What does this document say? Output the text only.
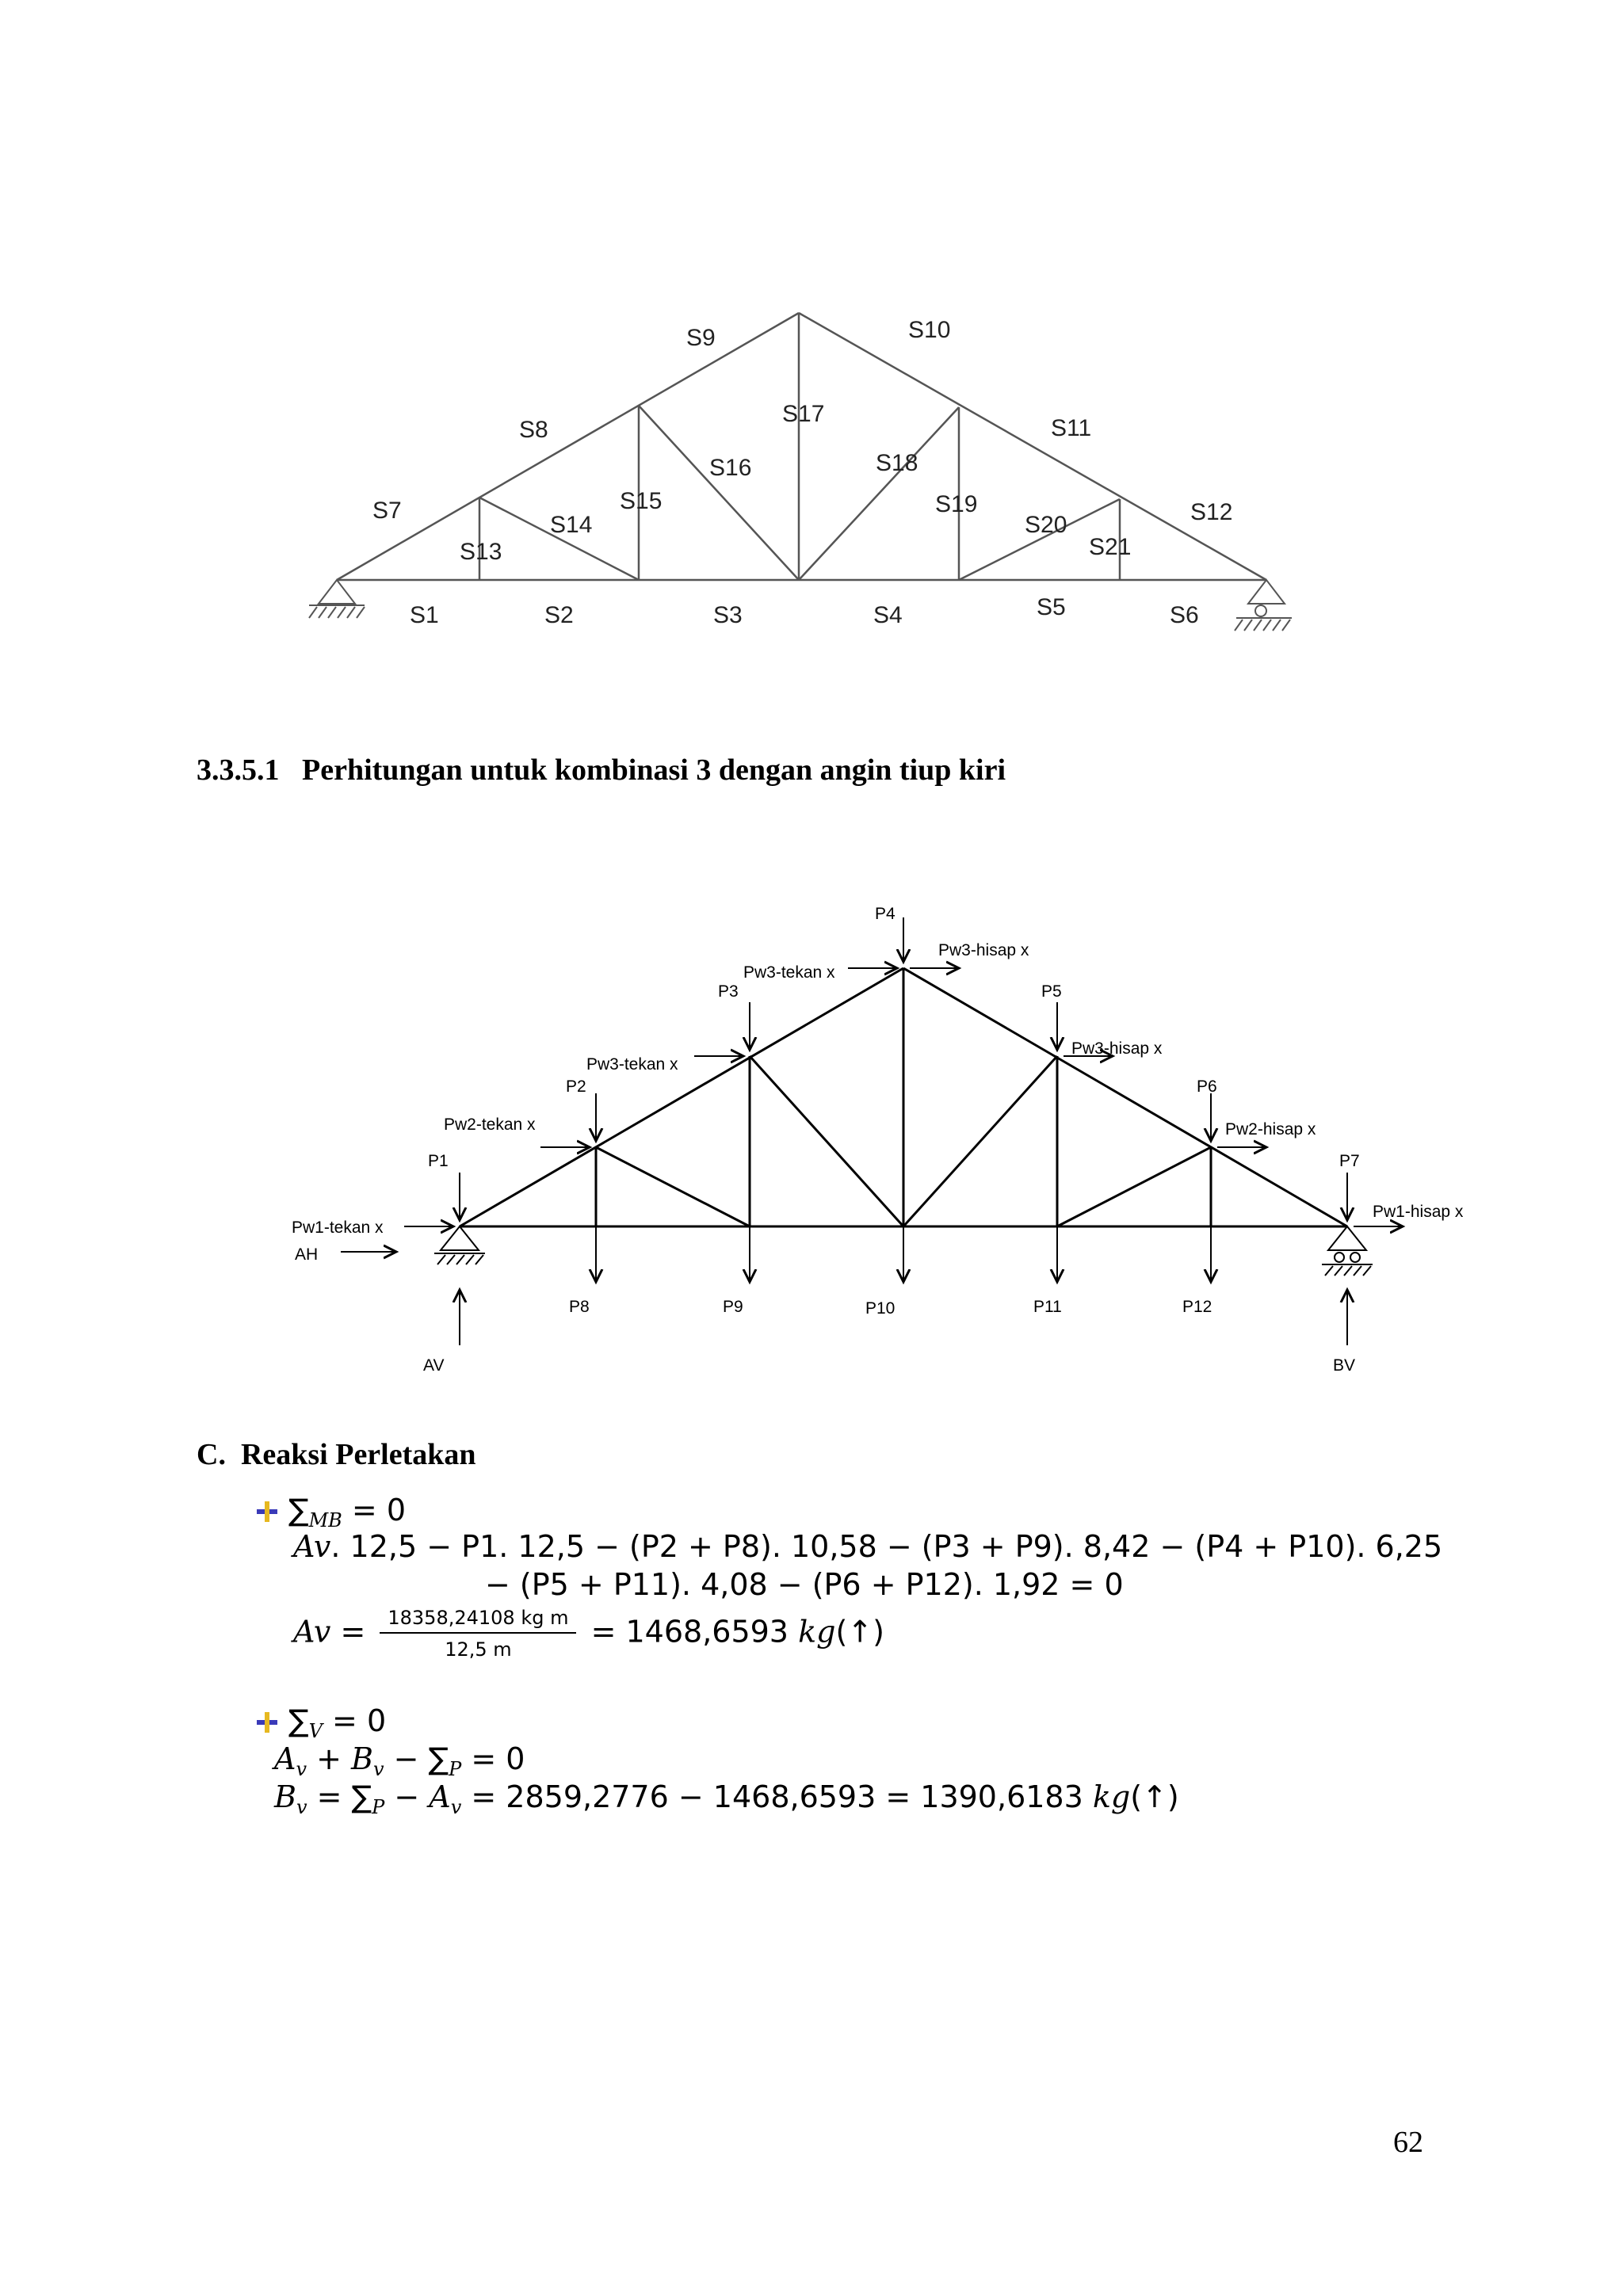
S1	S2	S3	S4	S5	S6
S7
S8
S9	S10
S11
S12
S13
S14
S15
S16
S17
S18
S19
S20
S21
3.3.5.1   Perhitungan untuk kombinasi 3 dengan angin tiup kiri
P1
P2
P3
P4
P5
P6
P7
P8	P9	P10	P11	P12
Pw1-tekan x
AH
Pw2-tekan x
Pw3-tekan x
Pw3-tekan x
Pw3-hisap x
Pw3-hisap x
Pw2-hisap x
Pw1-hisap x
AV	BV
C.  Reaksi Perletakan
$\sum_{MB} = 0$
Av. 12,5 − P1. 12,5 − (P2 + P8). 10,58 − (P3 + P9). 8,42 − (P4 + P10). 6,25
− (P5 + P11). 4,08 − (P6 + P12). 1,92 = 0
$Av = \frac{\text{18358,24108 kg m}}{12,5 m} = 1468,6593$ kg(↑)
$\sum_V = 0$
$A_v + B_v - \sum_P = 0$
$B_v = \sum_P - A_v = 2859,2776 - 1468,6593 = 1390,6183$ kg(↑)
62
